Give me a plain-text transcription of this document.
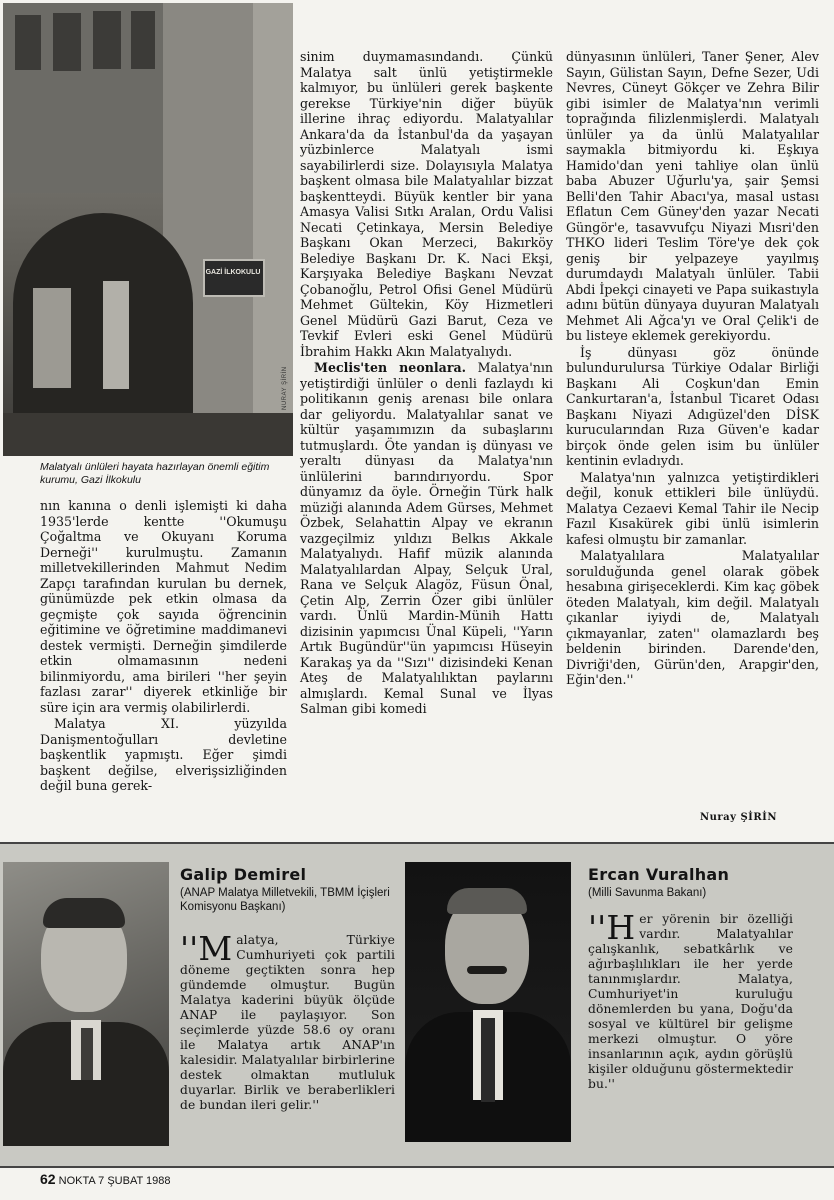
GAZİ İLKOKULU
NURAY ŞİRİN
Malatyalı ünlüleri hayata hazırlayan önemli eğitim kurumu, Gazi İlkokulu

nın kanına o denli işlemişti ki daha 1935'lerde kentte ''Okumuşu Çoğaltma ve Okuyanı Koruma Derneği'' kurulmuştu. Zamanın milletvekillerinden Mahmut Nedim Zapçı tarafından kurulan bu dernek, günümüzde pek etkin olmasa da geçmişte çok sayıda öğrencinin eğitimine ve öğretimine maddimanevi destek vermişti. Derneğin şimdilerde etkin olmamasının nedeni bilinmiyordu, ama birileri ''her şeyin fazlası zarar'' diyerek etkinliğe bir süre için ara vermiş olabilirlerdi.

Malatya XI. yüzyılda Danişmentoğulları devletine başkentlik yapmıştı. Eğer şimdi başkent değilse, elverişsizliğinden değil buna gerek-

sinim duymamasındandı. Çünkü Malatya salt ünlü yetiştirmekle kalmıyor, bu ünlüleri gerek başkente gerekse Türkiye'nin diğer büyük illerine ihraç ediyordu. Malatyalılar Ankara'da da İstanbul'da da yaşayan yüzbinlerce Malatyalı ismi sayabilirlerdi size. Dolayısıyla Malatya başkent olmasa bile Malatyalılar bizzat başkentteydi. Büyük kentler bir yana Amasya Valisi Sıtkı Aralan, Ordu Valisi Necati Çetinkaya, Mersin Belediye Başkanı Okan Merzeci, Bakırköy Belediye Başkanı Dr. K. Naci Ekşi, Karşıyaka Belediye Başkanı Nevzat Çobanoğlu, Petrol Ofisi Genel Müdürü Mehmet Gültekin, Köy Hizmetleri Genel Müdürü Gazi Barut, Ceza ve Tevkif Evleri eski Genel Müdürü İbrahim Hakkı Akın Malatyalıydı.

Meclis'ten neonlara. Malatya'nın yetiştirdiği ünlüler o denli fazlaydı ki politikanın geniş arenası bile onlara dar geliyordu. Malatyalılar sanat ve kültür yaşamımızın da subaşlarını tutmuşlardı. Öte yandan iş dünyası ve yeraltı dünyası da Malatya'nın ünlülerini barındırıyordu. Spor dünyamız da öyle. Örneğin Türk halk müziği alanında Adem Gürses, Mehmet Özbek, Selahattin Alpay ve ekranın vazgeçilmiz yıldızı Belkıs Akkale Malatyalıydı. Hafif müzik alanında Malatyalılardan Alpay, Selçuk Ural, Rana ve Selçuk Alagöz, Füsun Önal, Çetin Alp, Zerrin Özer gibi ünlüler vardı. Ünlü Mardin-Münih Hattı dizisinin yapımcısı Ünal Küpeli, ''Yarın Artık Bugündür''ün yapımcısı Hüseyin Karakaş ya da ''Sızı'' dizisindeki Kenan Ateş de Malatyalılıktan paylarını almışlardı. Kemal Sunal ve İlyas Salman gibi komedi

dünyasının ünlüleri, Taner Şener, Alev Sayın, Gülistan Sayın, Defne Sezer, Udi Nevres, Cüneyt Gökçer ve Zehra Bilir gibi isimler de Malatya'nın verimli toprağında filizlenmişlerdi. Malatyalı ünlüler ya da ünlü Malatyalılar saymakla bitmiyordu ki. Eşkıya Hamido'dan yeni tahliye olan ünlü baba Abuzer Uğurlu'ya, şair Şemsi Belli'den Tahir Abacı'ya, masal ustası Eflatun Cem Güney'den yazar Necati Güngör'e, tasavvufçu Niyazi Mısri'den THKO lideri Teslim Töre'ye dek çok geniş bir yelpazeye yayılmış durumdaydı Malatyalı ünlüler. Tabii Abdi İpekçi cinayeti ve Papa suikastıyla adını bütün dünyaya duyuran Malatyalı Mehmet Ali Ağca'yı ve Oral Çelik'i de bu listeye eklemek gerekiyordu.

İş dünyası göz önünde bulundurulursa Türkiye Odalar Birliği Başkanı Ali Coşkun'dan Emin Cankurtaran'a, İstanbul Ticaret Odası Başkanı Niyazi Adıgüzel'den DİSK kurucularından Rıza Güven'e kadar birçok önde gelen isim bu ünlüler kentinin evladıydı.

Malatya'nın yalnızca yetiştirdikleri değil, konuk ettikleri bile ünlüydü. Malatya Cezaevi Kemal Tahir ile Necip Fazıl Kısakürek gibi ünlü isimlerin kafesi olmuştu bir zamanlar.

Malatyalılara Malatyalılar sorulduğunda genel olarak göbek hesabına girişeceklerdi. Kim kaç göbek öteden Malatyalı, kim değil. Malatyalı çıkanlar iyiydi de, Malatyalı çıkmayanlar, zaten'' olamazlardı beş beldenin birinden. Darende'den, Divriği'den, Gürün'den, Arapgir'den, Eğin'den.''

Nuray ŞİRİN
Galip Demirel
(ANAP Malatya Milletvekili, TBMM İçişleri Komisyonu Başkanı)
''M alatya, Türkiye Cumhuriyeti çok partili döneme geçtikten sonra hep gündemde olmuştur. Bugün Malatya kaderini büyük ölçüde ANAP ile paylaşıyor. Son seçimlerde yüzde 58.6 oy oranı ile Malatya artık ANAP'ın kalesidir. Malatyalılar birbirlerine destek olmaktan mutluluk duyarlar. Birlik ve beraberlikleri de bundan ileri gelir.''
Ercan Vuralhan
(Milli Savunma Bakanı)
''H er yörenin bir özelliği vardır. Malatyalılar çalışkanlık, sebatkârlık ve ağırbaşlılıkları ile her yerde tanınmışlardır. Malatya, Cumhuriyet'in kuruluğu dönemlerden bu yana, Doğu'da sosyal ve kültürel bir gelişme merkezi olmuştur. O yöre insanlarının açık, aydın görüşlü kişiler olduğunu göstermektedir bu.''
62 NOKTA 7 ŞUBAT 1988
